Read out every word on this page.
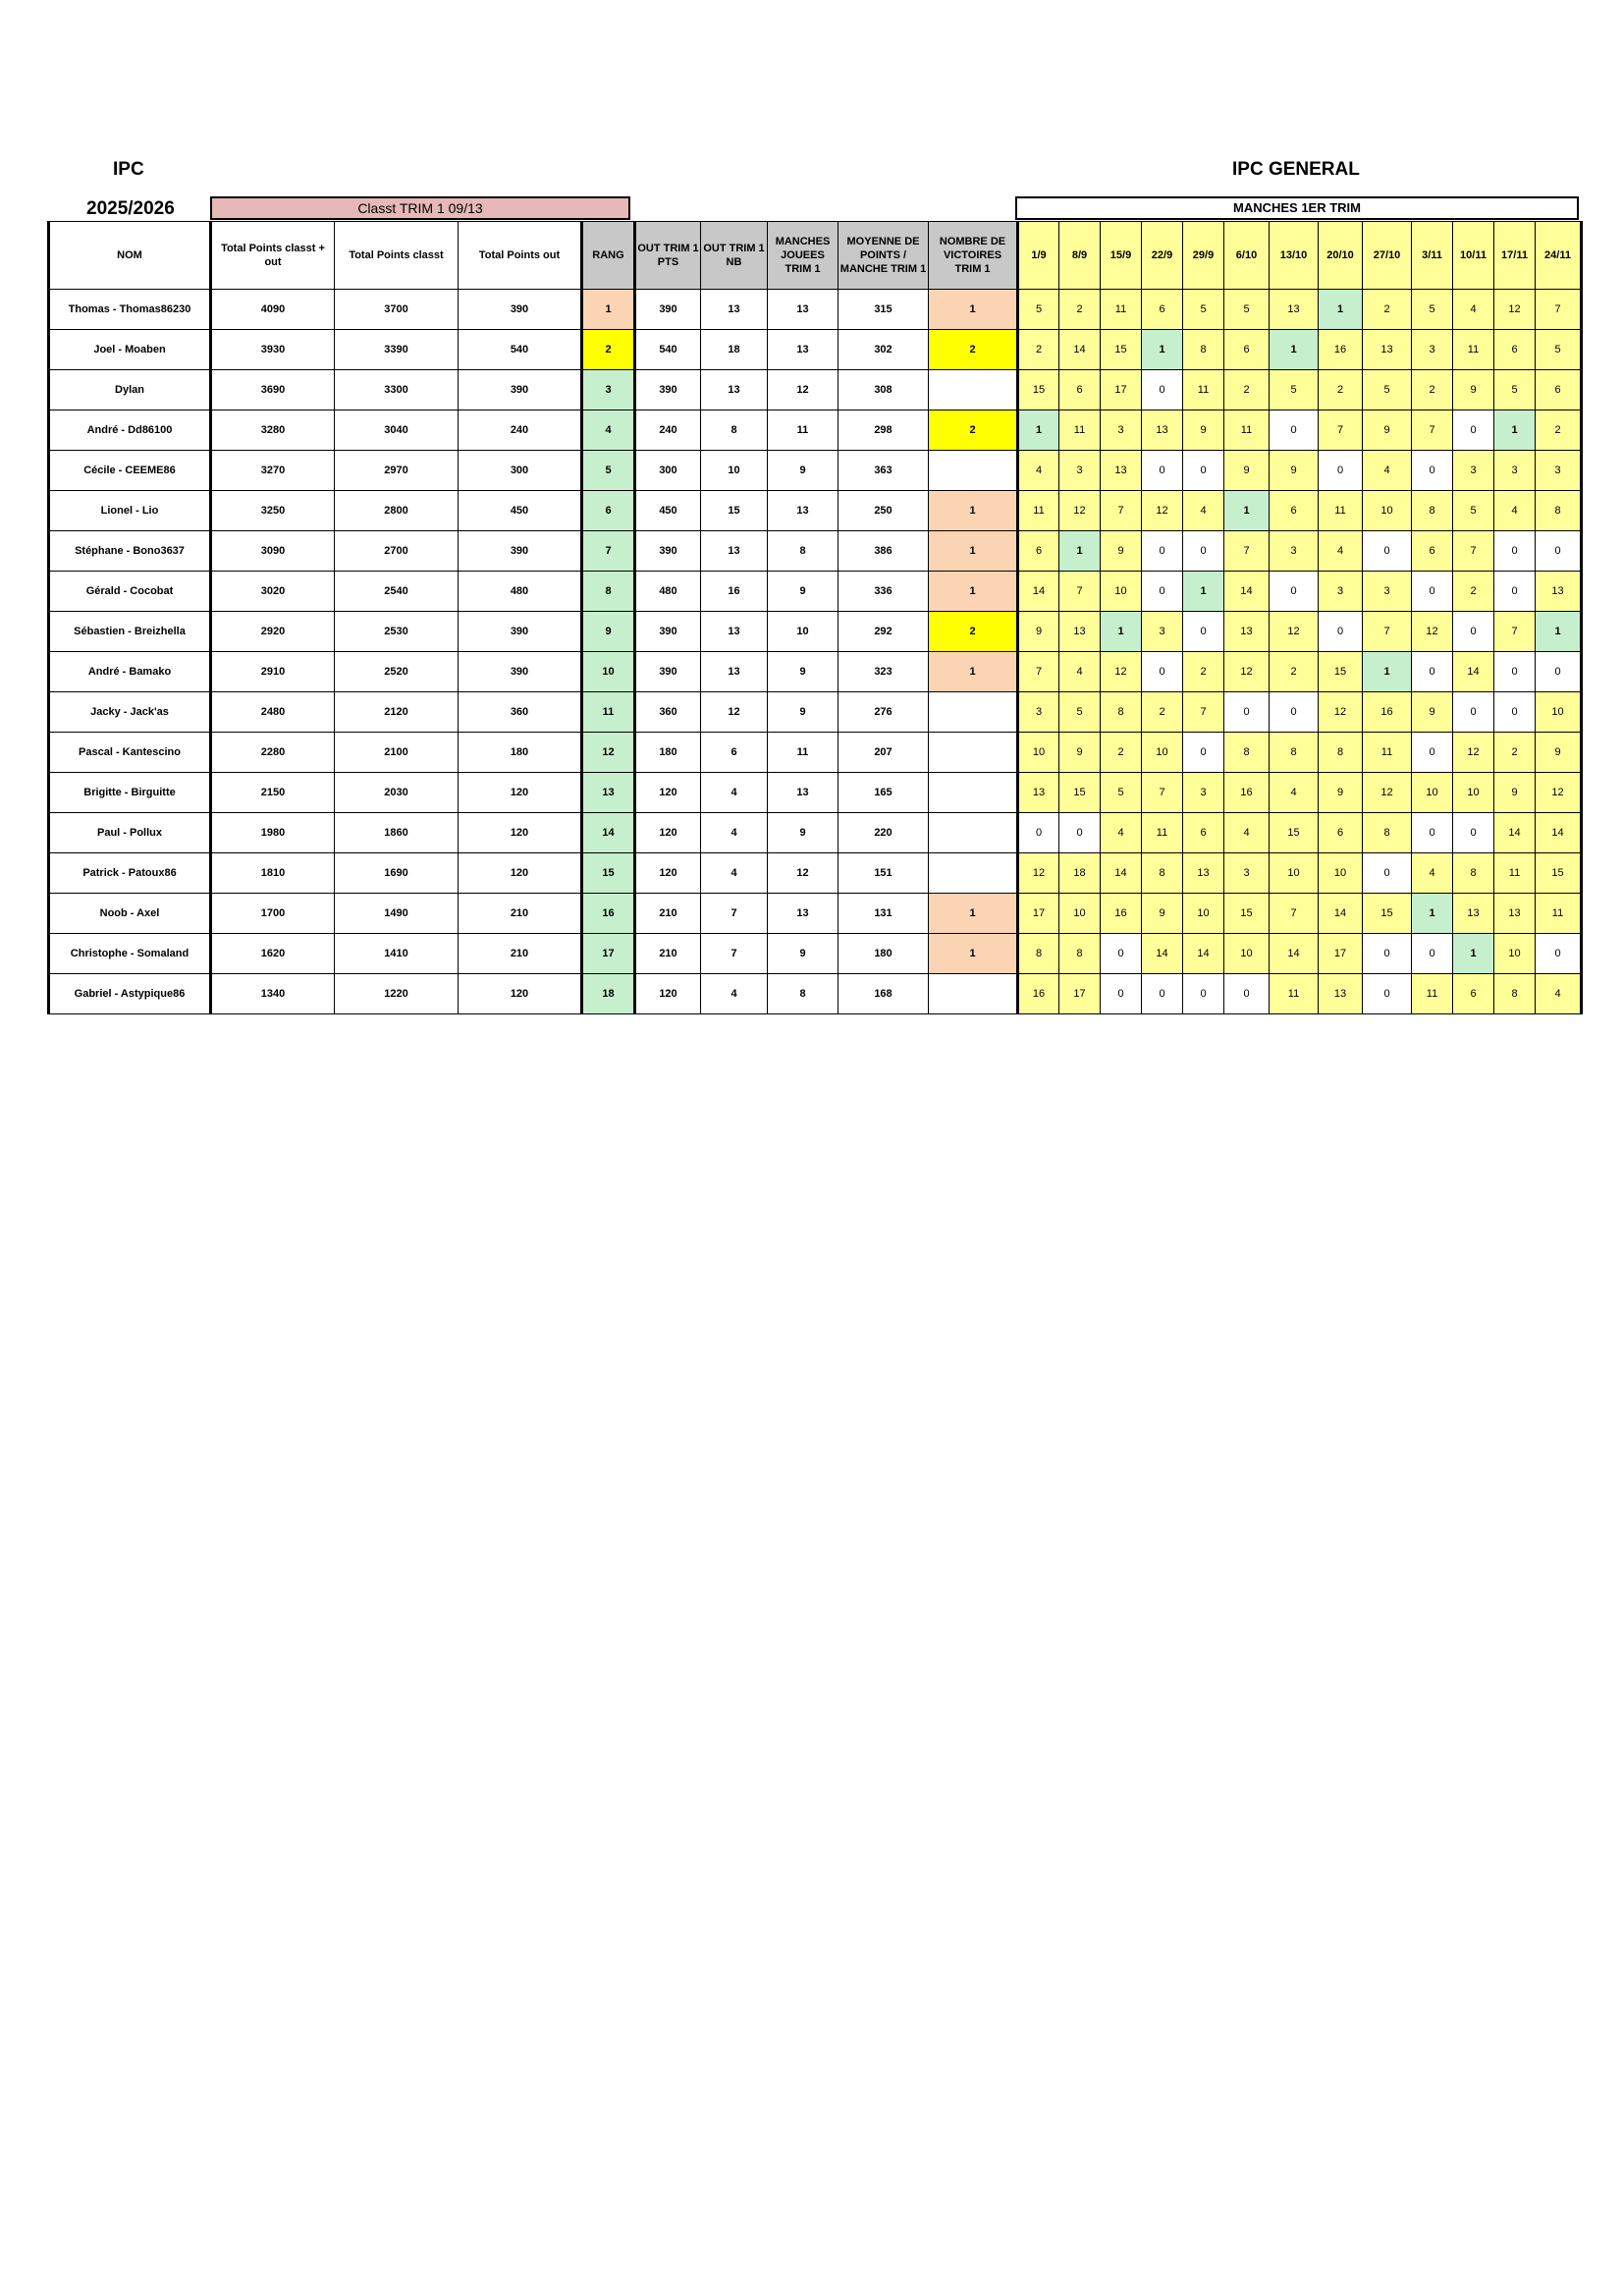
IPC
2025/2026
IPC GENERAL
Classt TRIM 1 09/13	MANCHES 1ER TRIM
NOM	Total Points classt + out	Total Points classt	Total Points out	RANG	OUT TRIM 1 PTS	OUT TRIM 1 NB	MANCHES JOUEES TRIM 1	MOYENNE DE POINTS / MANCHE TRIM 1	NOMBRE DE VICTOIRES TRIM 1	1/9	8/9	15/9	22/9	29/9	6/10	13/10	20/10	27/10	3/11	10/11	17/11	24/11
Thomas - Thomas86230	4090	3700	390	1	390	13	13	315	1	5	2	11	6	5	5	13	1	2	5	4	12	7
Joel - Moaben	3930	3390	540	2	540	18	13	302	2	2	14	15	1	8	6	1	16	13	3	11	6	5
Dylan	3690	3300	390	3	390	13	12	308		15	6	17	0	11	2	5	2	5	2	9	5	6
André - Dd86100	3280	3040	240	4	240	8	11	298	2	1	11	3	13	9	11	0	7	9	7	0	1	2
Cécile - CEEME86	3270	2970	300	5	300	10	9	363		4	3	13	0	0	9	9	0	4	0	3	3	3
Lionel - Lio	3250	2800	450	6	450	15	13	250	1	11	12	7	12	4	1	6	11	10	8	5	4	8
Stéphane - Bono3637	3090	2700	390	7	390	13	8	386	1	6	1	9	0	0	7	3	4	0	6	7	0	0
Gérald - Cocobat	3020	2540	480	8	480	16	9	336	1	14	7	10	0	1	14	0	3	3	0	2	0	13
Sébastien - Breizhella	2920	2530	390	9	390	13	10	292	2	9	13	1	3	0	13	12	0	7	12	0	7	1
André - Bamako	2910	2520	390	10	390	13	9	323	1	7	4	12	0	2	12	2	15	1	0	14	0	0
Jacky - Jack'as	2480	2120	360	11	360	12	9	276		3	5	8	2	7	0	0	12	16	9	0	0	10
Pascal - Kantescino	2280	2100	180	12	180	6	11	207		10	9	2	10	0	8	8	8	11	0	12	2	9
Brigitte - Birguitte	2150	2030	120	13	120	4	13	165		13	15	5	7	3	16	4	9	12	10	10	9	12
Paul - Pollux	1980	1860	120	14	120	4	9	220		0	0	4	11	6	4	15	6	8	0	0	14	14
Patrick - Patoux86	1810	1690	120	15	120	4	12	151		12	18	14	8	13	3	10	10	0	4	8	11	15
Noob - Axel	1700	1490	210	16	210	7	13	131	1	17	10	16	9	10	15	7	14	15	1	13	13	11
Christophe - Somaland	1620	1410	210	17	210	7	9	180	1	8	8	0	14	14	10	14	17	0	0	1	10	0
Gabriel - Astypique86	1340	1220	120	18	120	4	8	168		16	17	0	0	0	0	11	13	0	11	6	8	4
